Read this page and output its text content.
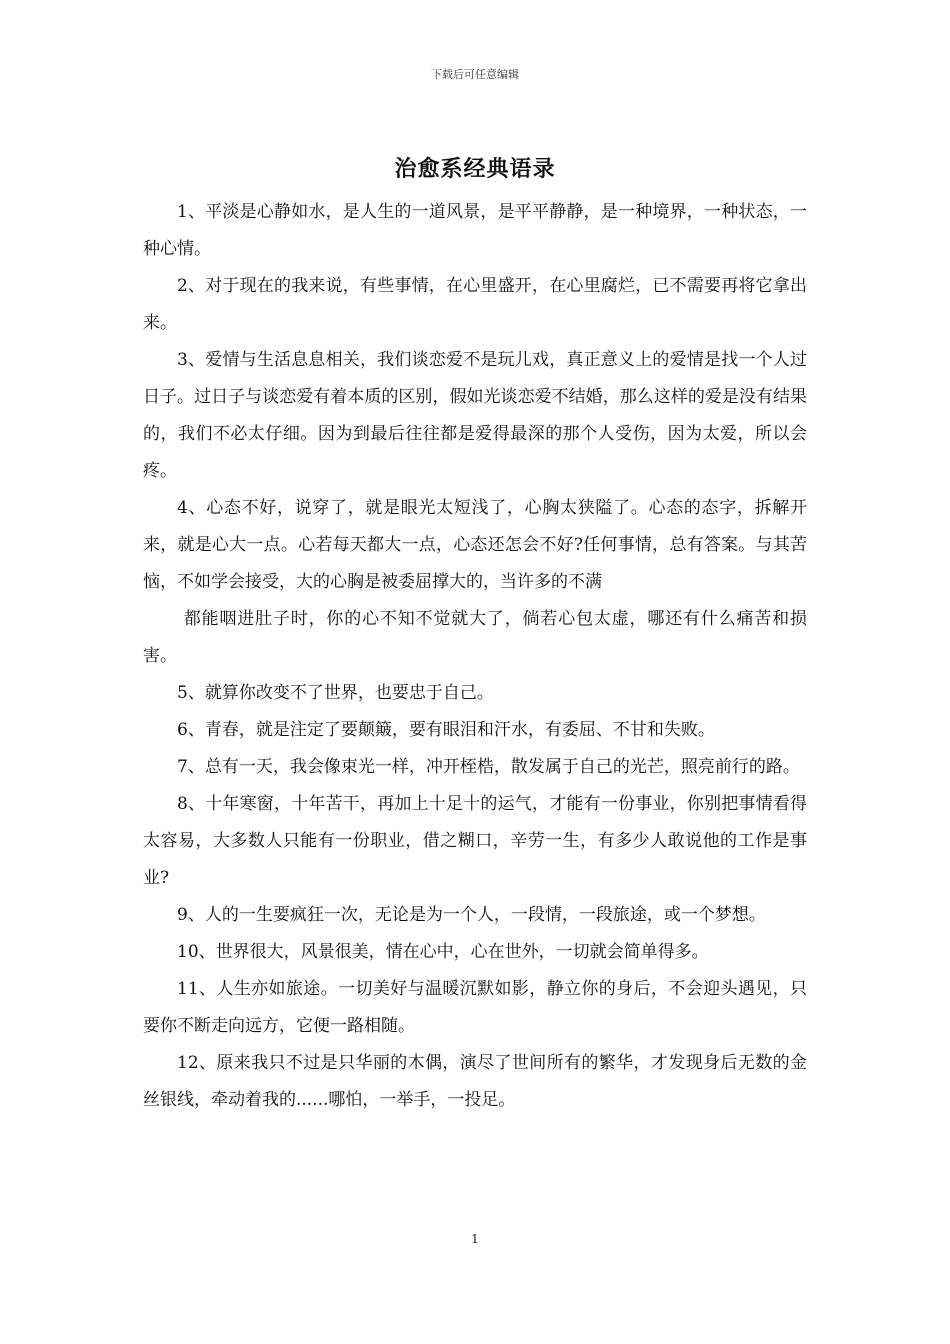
下载后可任意编辑
治愈系经典语录

1、平淡是心静如水，是人生的一道风景，是平平静静，是一种境界，一种状态，一种心情。

2、对于现在的我来说，有些事情，在心里盛开，在心里腐烂，已不需要再将它拿出来。

3、爱情与生活息息相关，我们谈恋爱不是玩儿戏，真正意义上的爱情是找一个人过日子。过日子与谈恋爱有着本质的区别，假如光谈恋爱不结婚，那么这样的爱是没有结果的，我们不必太仔细。因为到最后往往都是爱得最深的那个人受伤，因为太爱，所以会疼。

4、心态不好，说穿了，就是眼光太短浅了，心胸太狭隘了。心态的态字，拆解开来，就是心大一点。心若每天都大一点，心态还怎会不好?任何事情，总有答案。与其苦恼，不如学会接受，大的心胸是被委屈撑大的，当许多的不满

都能咽进肚子时，你的心不知不觉就大了，倘若心包太虚，哪还有什么痛苦和损害。

5、就算你改变不了世界，也要忠于自己。

6、青春，就是注定了要颠簸，要有眼泪和汗水，有委屈、不甘和失败。

7、总有一天，我会像束光一样，冲开桎梏，散发属于自己的光芒，照亮前行的路。

8、十年寒窗，十年苦干，再加上十足十的运气，才能有一份事业，你别把事情看得太容易，大多数人只能有一份职业，借之糊口，辛劳一生，有多少人敢说他的工作是事业?

9、人的一生要疯狂一次，无论是为一个人，一段情，一段旅途，或一个梦想。

10、世界很大，风景很美，情在心中，心在世外，一切就会简单得多。

11、人生亦如旅途。一切美好与温暖沉默如影，静立你的身后，不会迎头遇见，只要你不断走向远方，它便一路相随。

12、原来我只不过是只华丽的木偶，演尽了世间所有的繁华，才发现身后无数的金丝银线，牵动着我的......哪怕，一举手，一投足。

1
